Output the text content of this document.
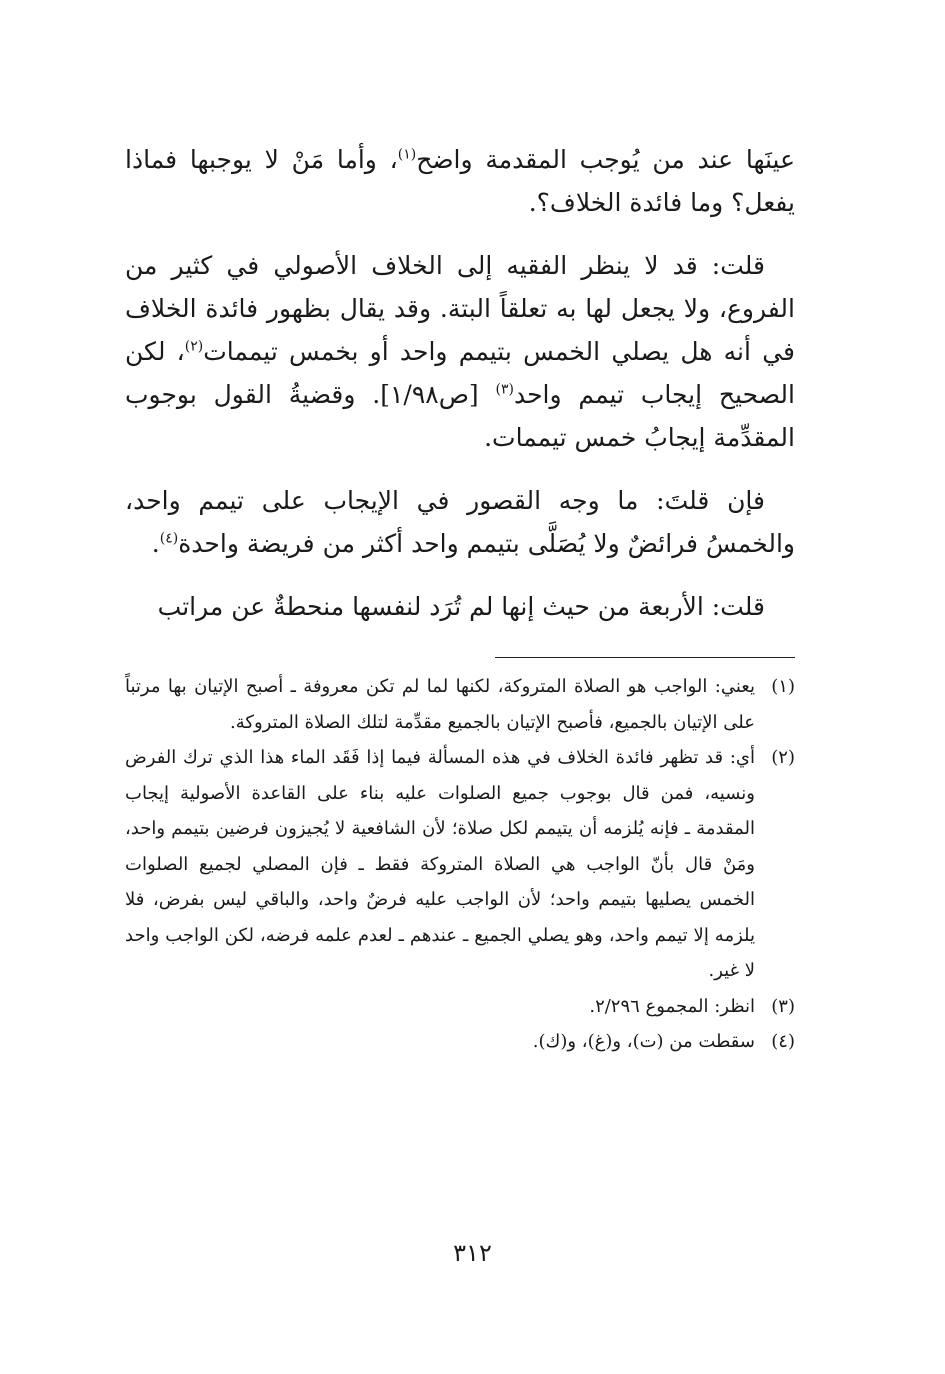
عينَها عند من يُوجب المقدمة واضح$^{(١)}$، وأما مَنْ لا يوجبها فماذا يفعل؟ وما فائدة الخلاف؟.

قلت: قد لا ينظر الفقيه إلى الخلاف الأصولي في كثير من الفروع، ولا يجعل لها به تعلقاً البتة. وقد يقال بظهور فائدة الخلاف في أنه هل يصلي الخمس بتيمم واحد أو بخمس تيممات$^{(٢)}$، لكن الصحيح إيجاب تيمم واحد$^{(٣)}$ [ص١/٩٨]. وقضيةُ القول بوجوب المقدِّمة إيجابُ خمس تيممات.

فإن قلتَ: ما وجه القصور في الإيجاب على تيمم واحد، والخمسُ فرائضٌ ولا يُصَلَّى بتيمم واحد أكثر من فريضة واحدة$^{(٤)}$.

قلت: الأربعة من حيث إنها لم تُرَد لنفسها منحطةٌ عن مراتب

(١)
يعني: الواجب هو الصلاة المتروكة، لكنها لما لم تكن معروفة ـ أصبح الإتيان بها مرتباً على الإتيان بالجميع، فأصبح الإتيان بالجميع مقدِّمة لتلك الصلاة المتروكة.
(٢)
أي: قد تظهر فائدة الخلاف في هذه المسألة فيما إذا فَقَد الماء هذا الذي ترك الفرض ونسيه، فمن قال بوجوب جميع الصلوات عليه بناء على القاعدة الأصولية إيجاب المقدمة ـ فإنه يُلزمه أن يتيمم لكل صلاة؛ لأن الشافعية لا يُجيزون فرضين بتيمم واحد، ومَنْ قال بأنّ الواجب هي الصلاة المتروكة فقط ـ فإن المصلي لجميع الصلوات الخمس يصليها بتيمم واحد؛ لأن الواجب عليه فرضٌ واحد، والباقي ليس بفرض، فلا يلزمه إلا تيمم واحد، وهو يصلي الجميع ـ عندهم ـ لعدم علمه فرضه، لكن الواجب واحد لا غير.
(٣)
انظر: المجموع ٢/٢٩٦.
(٤)
سقطت من (ت)، و(غ)، و(ك).
٣١٢
